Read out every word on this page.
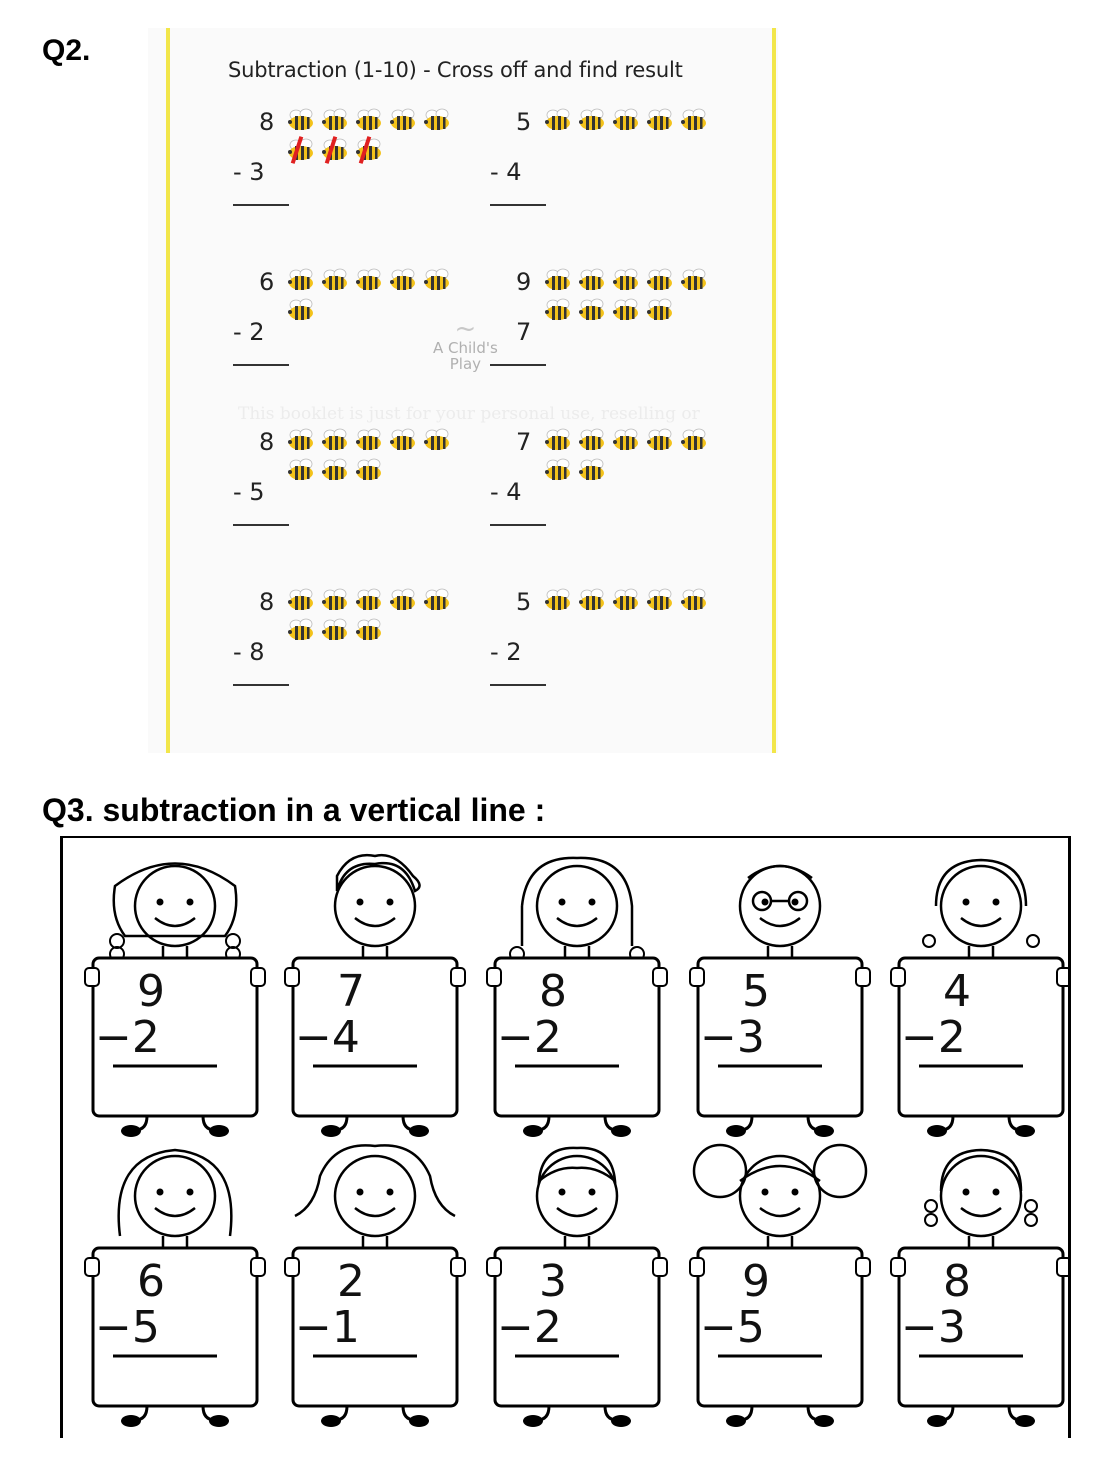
Q2.
Subtraction (1-10) - Cross off and find result
This booklet is just for your personal use, reselling or
~
A Child's
Play
8
- 3
5
- 4
6
- 2
9
7
8
- 5
7
- 4
8
- 8
5
- 2
Q3. subtraction in a vertical line :
9
−2
7
−4
8
−2
5
−3
4
−2
6
−5
2
−1
3
−2
9
−5
8
−3
